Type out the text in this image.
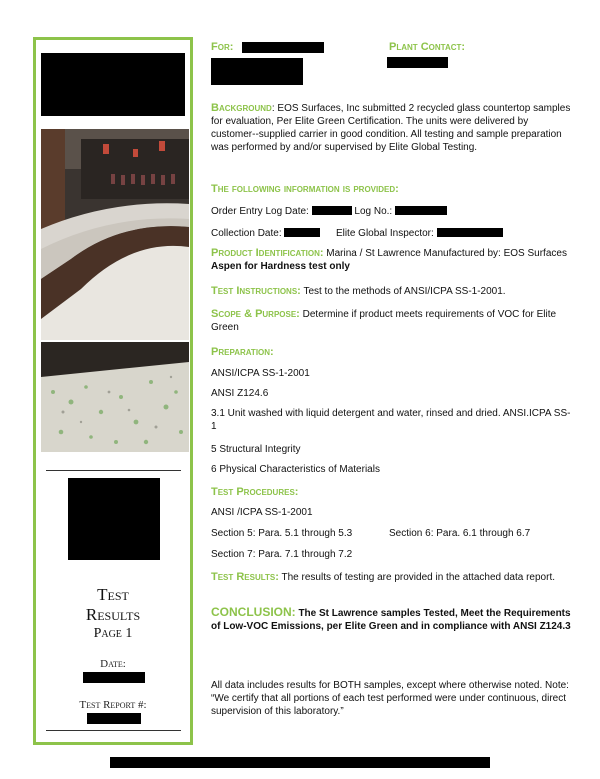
Test
Results
Page 1
Date:
Test Report #:
For:	Plant Contact:
Background: EOS Surfaces, Inc submitted 2 recycled glass countertop samples for evaluation, Per Elite Green Certification. The units were delivered by customer--supplied carrier in good condition. All testing and sample preparation was performed by and/or supervised by Elite Global Testing.
The following information is provided:
Order Entry Log Date:	Log No.:
Collection Date:	Elite Global Inspector:
Product Identification: Marina / St Lawrence Manufactured by: EOS Surfaces Aspen for Hardness test only
Test Instructions: Test to the methods of ANSI/ICPA SS-1-2001.
Scope & Purpose: Determine if product meets requirements of VOC for Elite Green
Preparation:
ANSI/ICPA SS-1-2001
ANSI Z124.6
3.1 Unit washed with liquid detergent and water, rinsed and dried. ANSI.ICPA SS-1
5 Structural Integrity
6 Physical Characteristics of Materials
Test Procedures:
ANSI /ICPA SS-1-2001
Section 5: Para. 5.1 through 5.3	Section 6: Para. 6.1 through 6.7
Section 7: Para. 7.1 through 7.2
Test Results: The results of testing are provided in the attached data report.
CONCLUSION: The St Lawrence samples Tested, Meet the Requirements of Low-VOC Emissions, per Elite Green and in compliance with ANSI Z124.3
All data includes results for BOTH samples, except where otherwise noted. Note: “We certify that all portions of each test performed were under continuous, direct supervision of this laboratory.”
